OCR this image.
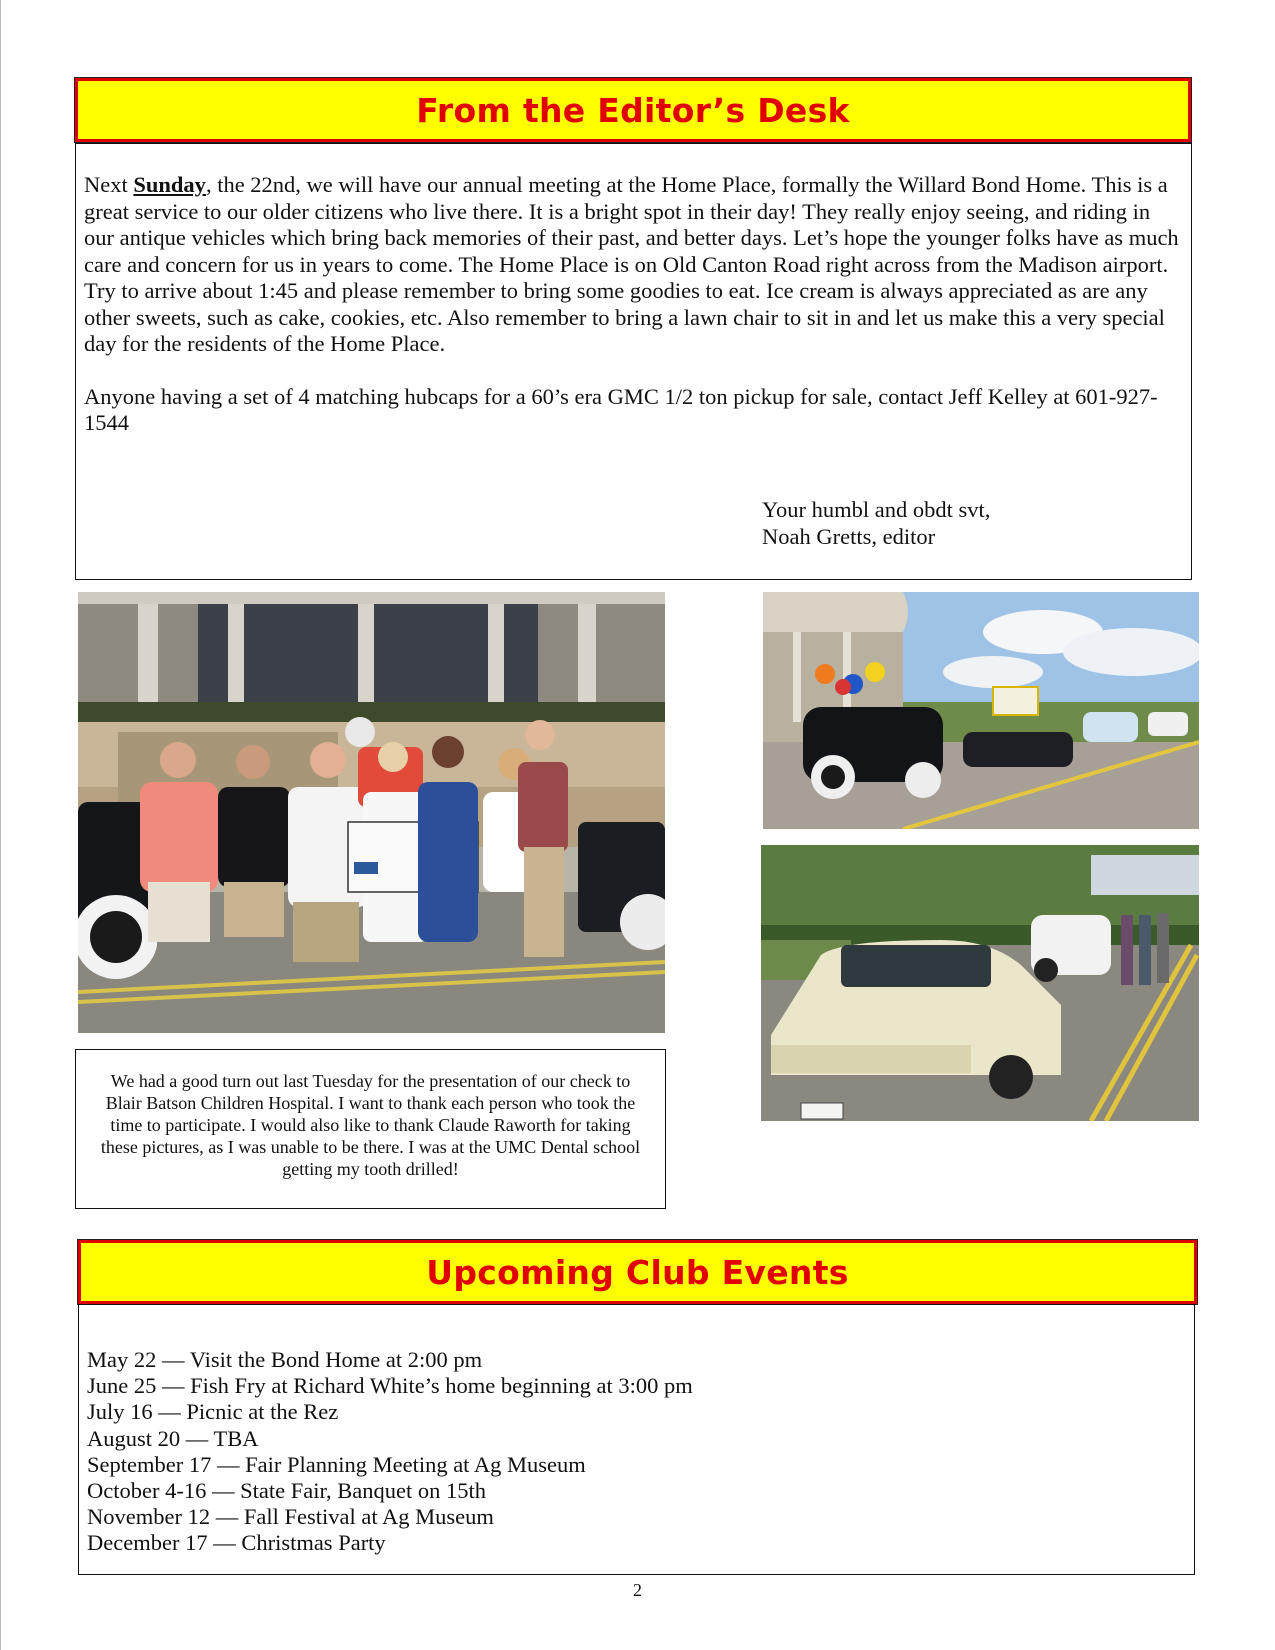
From the Editor’s Desk

Next Sunday, the 22nd, we will have our annual meeting at the Home Place, formally the Willard Bond Home. This is a great service to our older citizens who live there. It is a bright spot in their day! They really enjoy seeing, and riding in our antique vehicles which bring back memories of their past, and better days. Let’s hope the younger folks have as much care and concern for us in years to come. The Home Place is on Old Canton Road right across from the Madison airport. Try to arrive about 1:45 and please remember to bring some goodies to eat. Ice cream is always appreciated as are any other sweets, such as cake, cookies, etc. Also remember to bring a lawn chair to sit in and let us make this a very special day for the residents of the Home Place.

Anyone having a set of 4 matching hubcaps for a 60’s era GMC 1/2 ton pickup for sale, contact Jeff Kelley at 601-927-1544

Your humbl and obdt svt,
Noah Gretts, editor
We had a good turn out last Tuesday for the presentation of our check to Blair Batson Children Hospital. I want to thank each person who took the time to participate. I would also like to thank Claude Raworth for taking these pictures, as I was unable to be there. I was at the UMC Dental school getting my tooth drilled!
Upcoming Club Events
May 22 — Visit the Bond Home at 2:00 pm
June 25 — Fish Fry at Richard White’s home beginning at 3:00 pm
July 16 — Picnic at the Rez
August 20 — TBA
September 17 — Fair Planning Meeting at Ag Museum
October 4-16 — State Fair, Banquet on 15th
November 12 — Fall Festival at Ag Museum
December 17 — Christmas Party
2
